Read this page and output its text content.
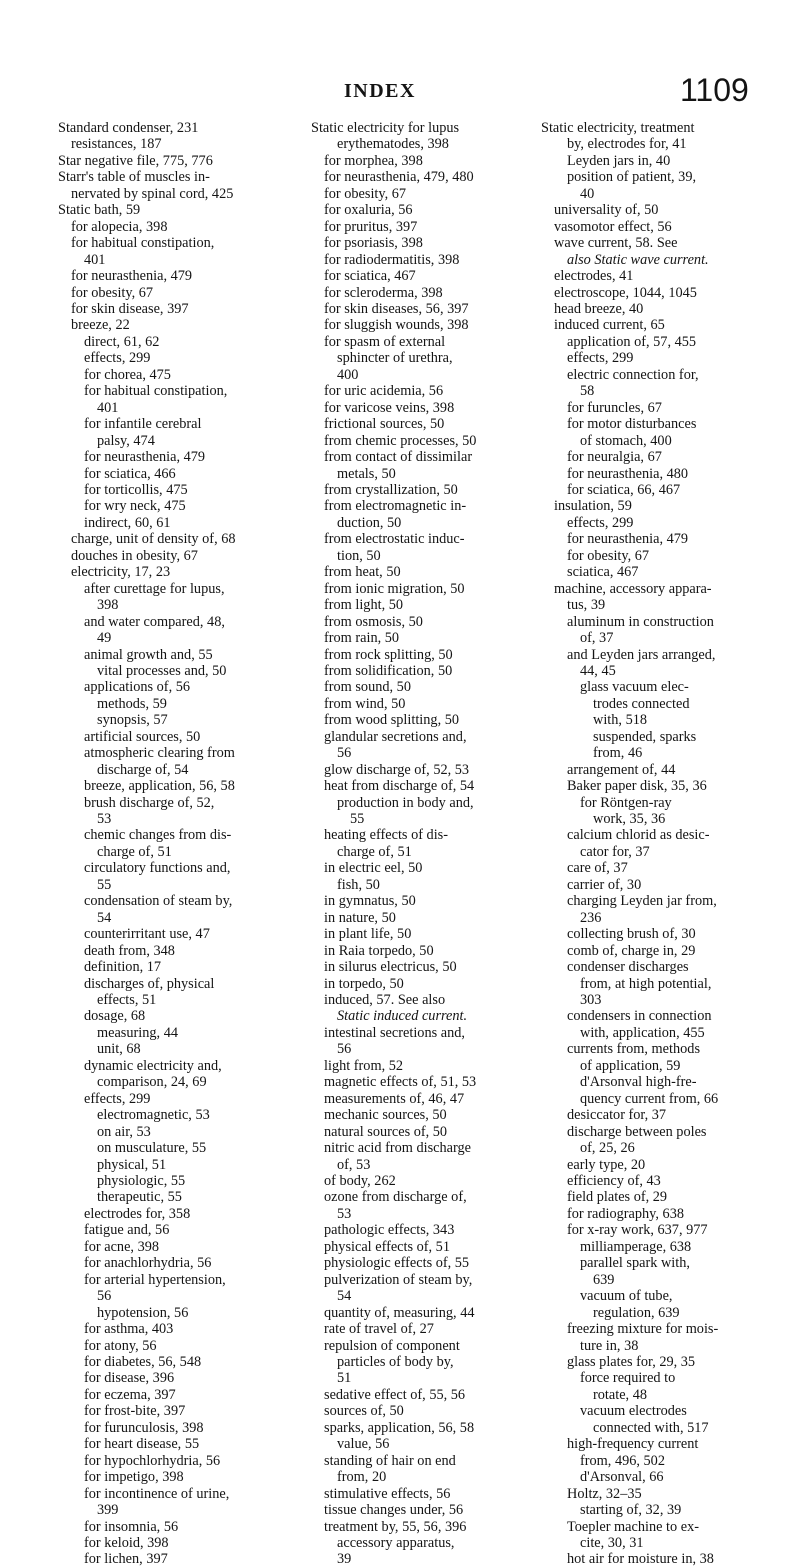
INDEX	1109
Standard condenser, 231
resistances, 187
Star negative file, 775, 776
Starr's table of muscles in-
nervated by spinal cord, 425
Static bath, 59
for alopecia, 398
for habitual constipation,
401
for neurasthenia, 479
for obesity, 67
for skin disease, 397
breeze, 22
direct, 61, 62
effects, 299
for chorea, 475
for habitual constipation,
401
for infantile cerebral
palsy, 474
for neurasthenia, 479
for sciatica, 466
for torticollis, 475
for wry neck, 475
indirect, 60, 61
charge, unit of density of, 68
douches in obesity, 67
electricity, 17, 23
after curettage for lupus,
398
and water compared, 48,
49
animal growth and, 55
vital processes and, 50
applications of, 56
methods, 59
synopsis, 57
artificial sources, 50
atmospheric clearing from
discharge of, 54
breeze, application, 56, 58
brush discharge of, 52,
53
chemic changes from dis-
charge of, 51
circulatory functions and,
55
condensation of steam by,
54
counterirritant use, 47
death from, 348
definition, 17
discharges of, physical
effects, 51
dosage, 68
measuring, 44
unit, 68
dynamic electricity and,
comparison, 24, 69
effects, 299
electromagnetic, 53
on air, 53
on musculature, 55
physical, 51
physiologic, 55
therapeutic, 55
electrodes for, 358
fatigue and, 56
for acne, 398
for anachlorhydria, 56
for arterial hypertension,
56
hypotension, 56
for asthma, 403
for atony, 56
for diabetes, 56, 548
for disease, 396
for eczema, 397
for frost-bite, 397
for furunculosis, 398
for heart disease, 55
for hypochlorhydria, 56
for impetigo, 398
for incontinence of urine,
399
for insomnia, 56
for keloid, 398
for lichen, 397
Static electricity for lupus
erythematodes, 398
for morphea, 398
for neurasthenia, 479, 480
for obesity, 67
for oxaluria, 56
for pruritus, 397
for psoriasis, 398
for radiodermatitis, 398
for sciatica, 467
for scleroderma, 398
for skin diseases, 56, 397
for sluggish wounds, 398
for spasm of external
sphincter of urethra,
400
for uric acidemia, 56
for varicose veins, 398
frictional sources, 50
from chemic processes, 50
from contact of dissimilar
metals, 50
from crystallization, 50
from electromagnetic in-
duction, 50
from electrostatic induc-
tion, 50
from heat, 50
from ionic migration, 50
from light, 50
from osmosis, 50
from rain, 50
from rock splitting, 50
from solidification, 50
from sound, 50
from wind, 50
from wood splitting, 50
glandular secretions and,
56
glow discharge of, 52, 53
heat from discharge of, 54
production in body and,
55
heating effects of dis-
charge of, 51
in electric eel, 50
fish, 50
in gymnatus, 50
in nature, 50
in plant life, 50
in Raia torpedo, 50
in silurus electricus, 50
in torpedo, 50
induced, 57. See also
Static induced current.
intestinal secretions and,
56
light from, 52
magnetic effects of, 51, 53
measurements of, 46, 47
mechanic sources, 50
natural sources of, 50
nitric acid from discharge
of, 53
of body, 262
ozone from discharge of,
53
pathologic effects, 343
physical effects of, 51
physiologic effects of, 55
pulverization of steam by,
54
quantity of, measuring, 44
rate of travel of, 27
repulsion of component
particles of body by,
51
sedative effect of, 55, 56
sources of, 50
sparks, application, 56, 58
value, 56
standing of hair on end
from, 20
stimulative effects, 56
tissue changes under, 56
treatment by, 55, 56, 396
accessory apparatus,
39
Static electricity, treatment
by, electrodes for, 41
Leyden jars in, 40
position of patient, 39,
40
universality of, 50
vasomotor effect, 56
wave current, 58. See
also Static wave current.
electrodes, 41
electroscope, 1044, 1045
head breeze, 40
induced current, 65
application of, 57, 455
effects, 299
electric connection for,
58
for furuncles, 67
for motor disturbances
of stomach, 400
for neuralgia, 67
for neurasthenia, 480
for sciatica, 66, 467
insulation, 59
effects, 299
for neurasthenia, 479
for obesity, 67
sciatica, 467
machine, accessory appara-
tus, 39
aluminum in construction
of, 37
and Leyden jars arranged,
44, 45
glass vacuum elec-
trodes connected
with, 518
suspended, sparks
from, 46
arrangement of, 44
Baker paper disk, 35, 36
for Röntgen-ray
work, 35, 36
calcium chlorid as desic-
cator for, 37
care of, 37
carrier of, 30
charging Leyden jar from,
236
collecting brush of, 30
comb of, charge in, 29
condenser discharges
from, at high potential,
303
condensers in connection
with, application, 455
currents from, methods
of application, 59
d'Arsonval high-fre-
quency current from, 66
desiccator for, 37
discharge between poles
of, 25, 26
early type, 20
efficiency of, 43
field plates of, 29
for radiography, 638
for x-ray work, 637, 977
milliamperage, 638
parallel spark with,
639
vacuum of tube,
regulation, 639
freezing mixture for mois-
ture in, 38
glass plates for, 29, 35
force required to
rotate, 48
vacuum electrodes
connected with, 517
high-frequency current
from, 496, 502
d'Arsonval, 66
Holtz, 32–35
starting of, 32, 39
Toepler machine to ex-
cite, 30, 31
hot air for moisture in, 38
